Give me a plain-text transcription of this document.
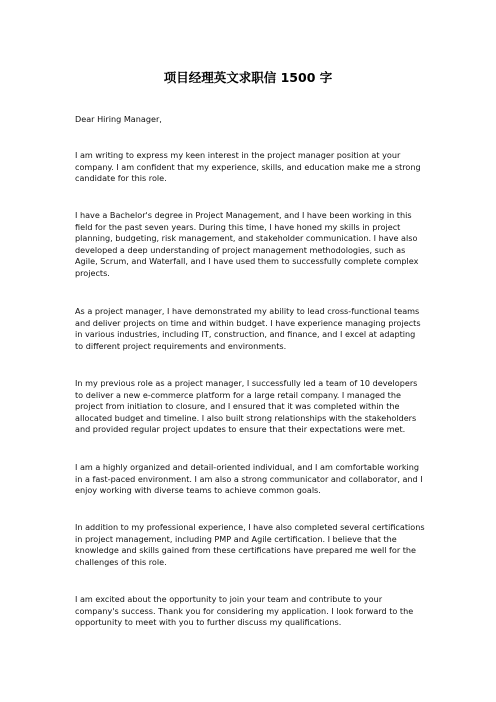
项目经理英文求职信 1500 字

Dear Hiring Manager,

I am writing to express my keen interest in the project manager position at your company. I am confident that my experience, skills, and education make me a strong candidate for this role.

I have a Bachelor's degree in Project Management, and I have been working in this field for the past seven years. During this time, I have honed my skills in project planning, budgeting, risk management, and stakeholder communication. I have also developed a deep understanding of project management methodologies, such as Agile, Scrum, and Waterfall, and I have used them to successfully complete complex projects.

As a project manager, I have demonstrated my ability to lead cross-functional teams and deliver projects on time and within budget. I have experience managing projects in various industries, including IT, construction, and finance, and I excel at adapting to different project requirements and environments.

In my previous role as a project manager, I successfully led a team of 10 developers to deliver a new e-commerce platform for a large retail company. I managed the project from initiation to closure, and I ensured that it was completed within the allocated budget and timeline. I also built strong relationships with the stakeholders and provided regular project updates to ensure that their expectations were met.

I am a highly organized and detail-oriented individual, and I am comfortable working in a fast-paced environment. I am also a strong communicator and collaborator, and I enjoy working with diverse teams to achieve common goals.

In addition to my professional experience, I have also completed several certifications in project management, including PMP and Agile certification. I believe that the knowledge and skills gained from these certifications have prepared me well for the challenges of this role.

I am excited about the opportunity to join your team and contribute to your company's success. Thank you for considering my application. I look forward to the opportunity to meet with you to further discuss my qualifications.
